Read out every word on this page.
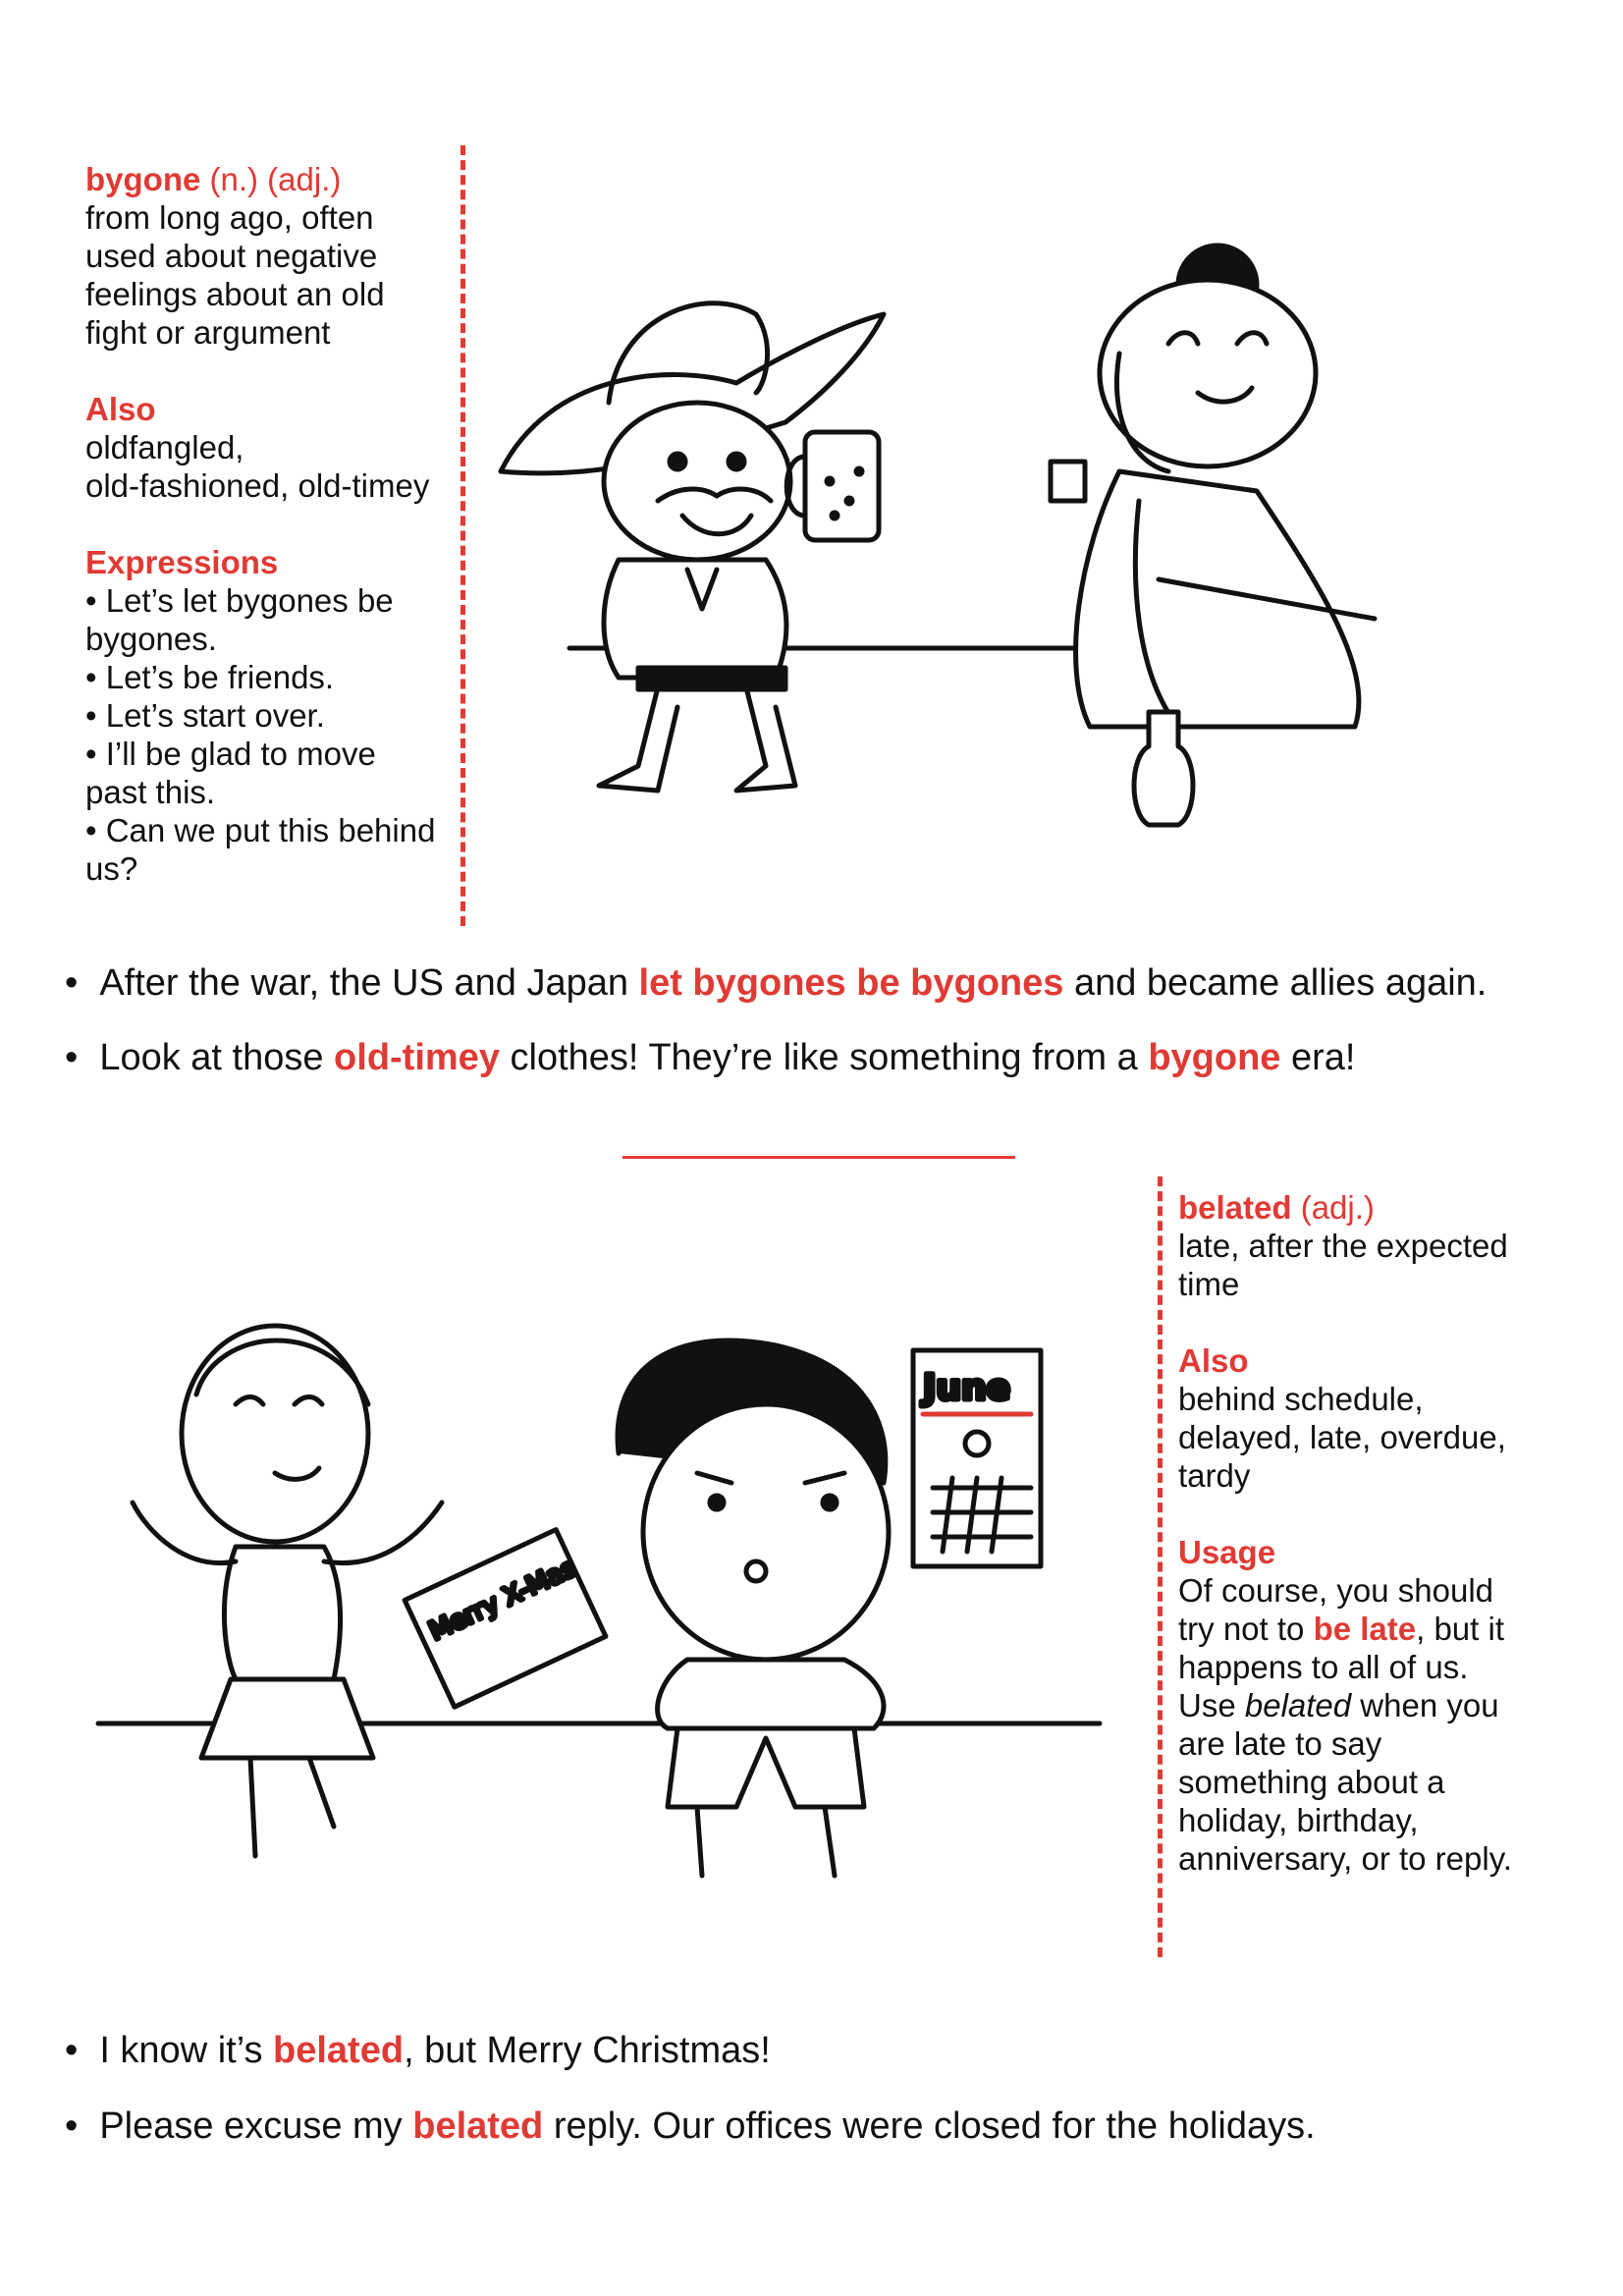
bygone (n.) (adj.)

from long ago, often

used about negative

feelings about an old

fight or argument

Also

oldfangled,

old-fashioned, old-timey

Expressions

• Let’s let bygones be

bygones.

• Let’s be friends.

• Let’s start over.

• I’ll be glad to move

past this.

• Can we put this behind

us?

• After the war, the US and Japan let bygones be bygones and became allies again.
• Look at those old-timey clothes! They’re like something from a bygone era!

belated (adj.)

late, after the expected

time

Also

behind schedule,

delayed, late, overdue,

tardy

Usage

Of course, you should

try not to be late, but it

happens to all of us.

Use belated when you

are late to say

something about a

holiday, birthday,

anniversary, or to reply.

Merry X-Mas
June
• I know it’s belated, but Merry Christmas!
• Please excuse my belated reply. Our offices were closed for the holidays.
